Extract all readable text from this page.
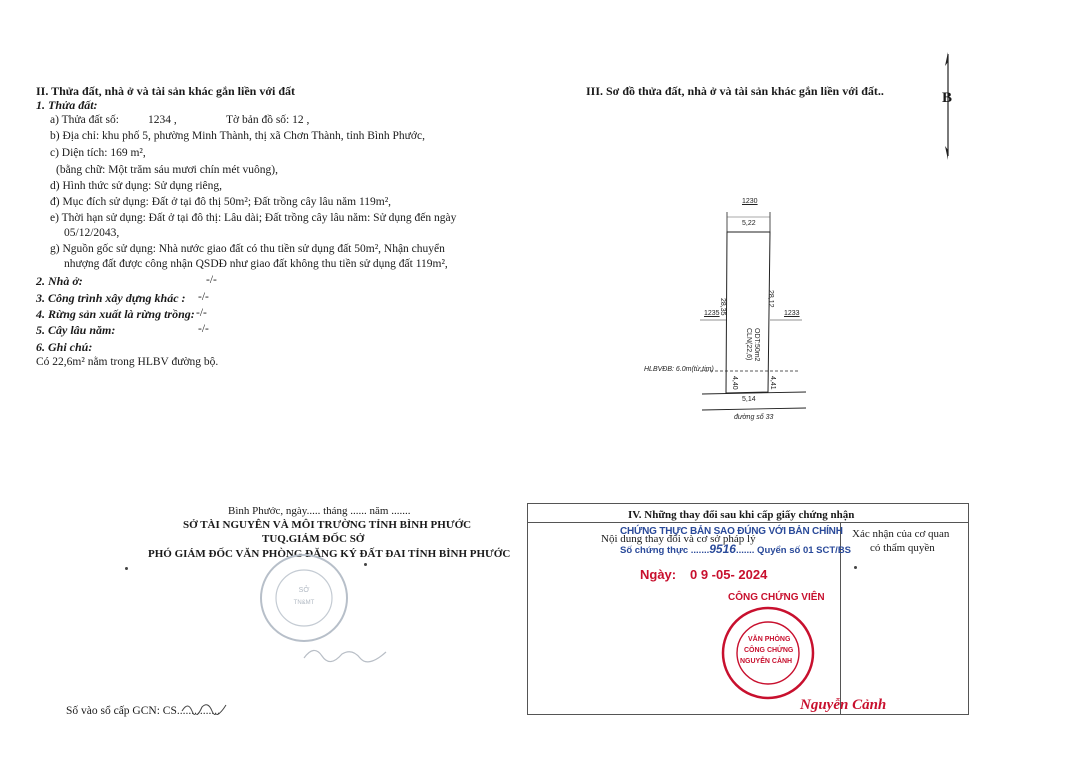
II. Thửa đất, nhà ở và tài sản khác gắn liền với đất
1. Thửa đất:
a) Thửa đất số:	1234 ,	Tờ bản đồ số: 12 ,
b) Địa chỉ: khu phố 5, phường Minh Thành, thị xã Chơn Thành, tỉnh Bình Phước,
c) Diện tích: 169 m²,
(bằng chữ: Một trăm sáu mươi chín mét vuông),
d) Hình thức sử dụng: Sử dụng riêng,
đ) Mục đích sử dụng: Đất ở tại đô thị 50m²; Đất trồng cây lâu năm 119m²,
e) Thời hạn sử dụng: Đất ở tại đô thị: Lâu dài; Đất trồng cây lâu năm: Sử dụng đến ngày
05/12/2043,
g) Nguồn gốc sử dụng: Nhà nước giao đất có thu tiền sử dụng đất 50m², Nhận chuyển
nhượng đất được công nhận QSDĐ như giao đất không thu tiền sử dụng đất 119m²,
2. Nhà ở:	-/-
3. Công trình xây dựng khác : -/-
4. Rừng sản xuất là rừng trồng: -/-
5. Cây lâu năm:	-/-
6. Ghi chú:
Có 22,6m² nằm trong HLBV đường bộ.
III. Sơ đồ thửa đất, nhà ở và tài sản khác gắn liền với đất..	B
1230
5,22
1235	1233
28,35	28,12
ODT:50m2
CLN(22,6)
HLBVĐB: 6.0m(từ tim)
4,40	4,41
5,14
đường số 33
Bình Phước, ngày..... tháng ...... năm .......
SỞ TÀI NGUYÊN VÀ MÔI TRƯỜNG TỈNH BÌNH PHƯỚC
TUQ.GIÁM ĐỐC SỞ
PHÓ GIÁM ĐỐC VĂN PHÒNG ĐĂNG KÝ ĐẤT ĐAI TỈNH BÌNH PHƯỚC
SỞ
TN&MT
Số vào sổ cấp GCN: CS...............
IV. Những thay đổi sau khi cấp giấy chứng nhận
Nội dung thay đổi và cơ sở pháp lý	Xác nhận của cơ quan
có thẩm quyền
CHỨNG THỰC BẢN SAO ĐÚNG VỚI BẢN CHÍNH
Số chứng thực .......9516....... Quyển số 01 SCT/BS
Ngày: 0 9 -05- 2024
CÔNG CHỨNG VIÊN
VĂN PHÒNG
CÔNG CHỨNG
NGUYỄN CẢNH
Nguyễn Cảnh
